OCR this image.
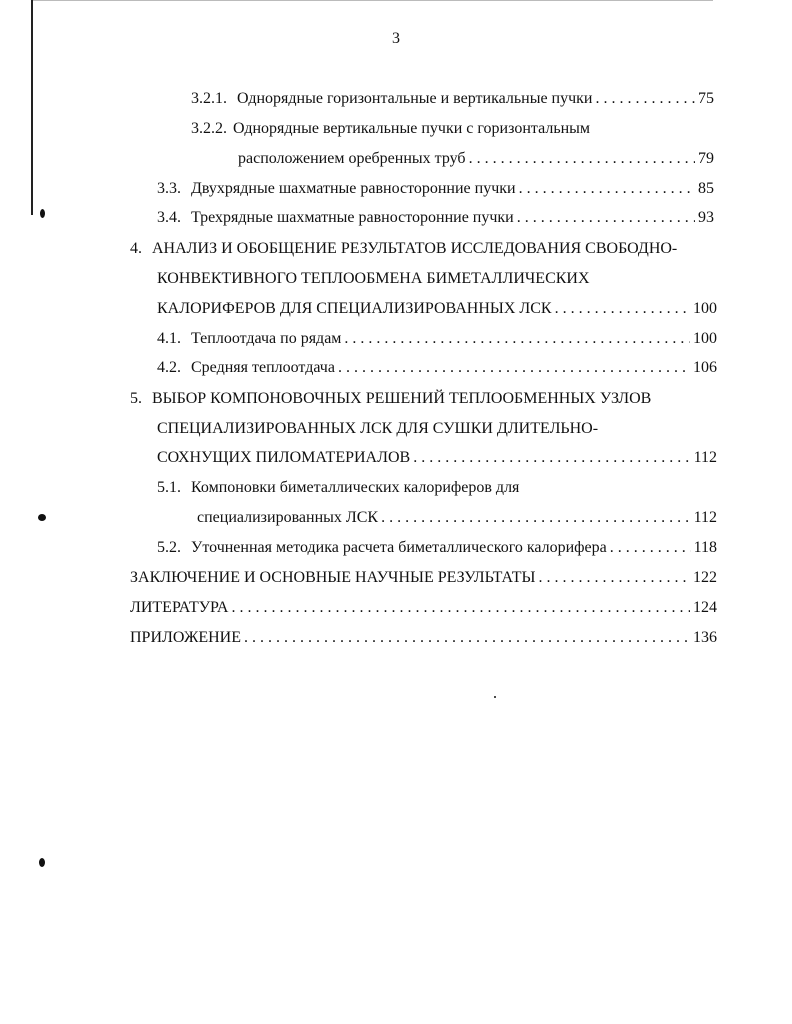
3
3.2.1. Однорядные горизонтальные и вертикальные пучки . . .	75
3.2.2. Однорядные вертикальные пучки с горизонтальным
расположением оребренных труб . . .	79
3.3. Двухрядные шахматные равносторонние пучки . . .	85
3.4. Трехрядные шахматные равносторонние пучки . . .	93
4. АНАЛИЗ И ОБОБЩЕНИЕ РЕЗУЛЬТАТОВ ИССЛЕДОВАНИЯ СВОБОДНО-
КОНВЕКТИВНОГО ТЕПЛООБМЕНА БИМЕТАЛЛИЧЕСКИХ
КАЛОРИФЕРОВ ДЛЯ СПЕЦИАЛИЗИРОВАННЫХ ЛСК . . .	100
4.1. Теплоотдача по рядам . . .	100
4.2. Средняя теплоотдача . . .	106
5. ВЫБОР КОМПОНОВОЧНЫХ РЕШЕНИЙ ТЕПЛООБМЕННЫХ УЗЛОВ
СПЕЦИАЛИЗИРОВАННЫХ ЛСК ДЛЯ СУШКИ ДЛИТЕЛЬНО-
СОХНУЩИХ ПИЛОМАТЕРИАЛОВ . . .	112
5.1. Компоновки биметаллических калориферов для
специализированных ЛСК . . .	112
5.2. Уточненная методика расчета биметаллического калорифера . . .	118
ЗАКЛЮЧЕНИЕ И ОСНОВНЫЕ НАУЧНЫЕ РЕЗУЛЬТАТЫ . . .	122
ЛИТЕРАТУРА . . .	124
ПРИЛОЖЕНИЕ . . .	136
